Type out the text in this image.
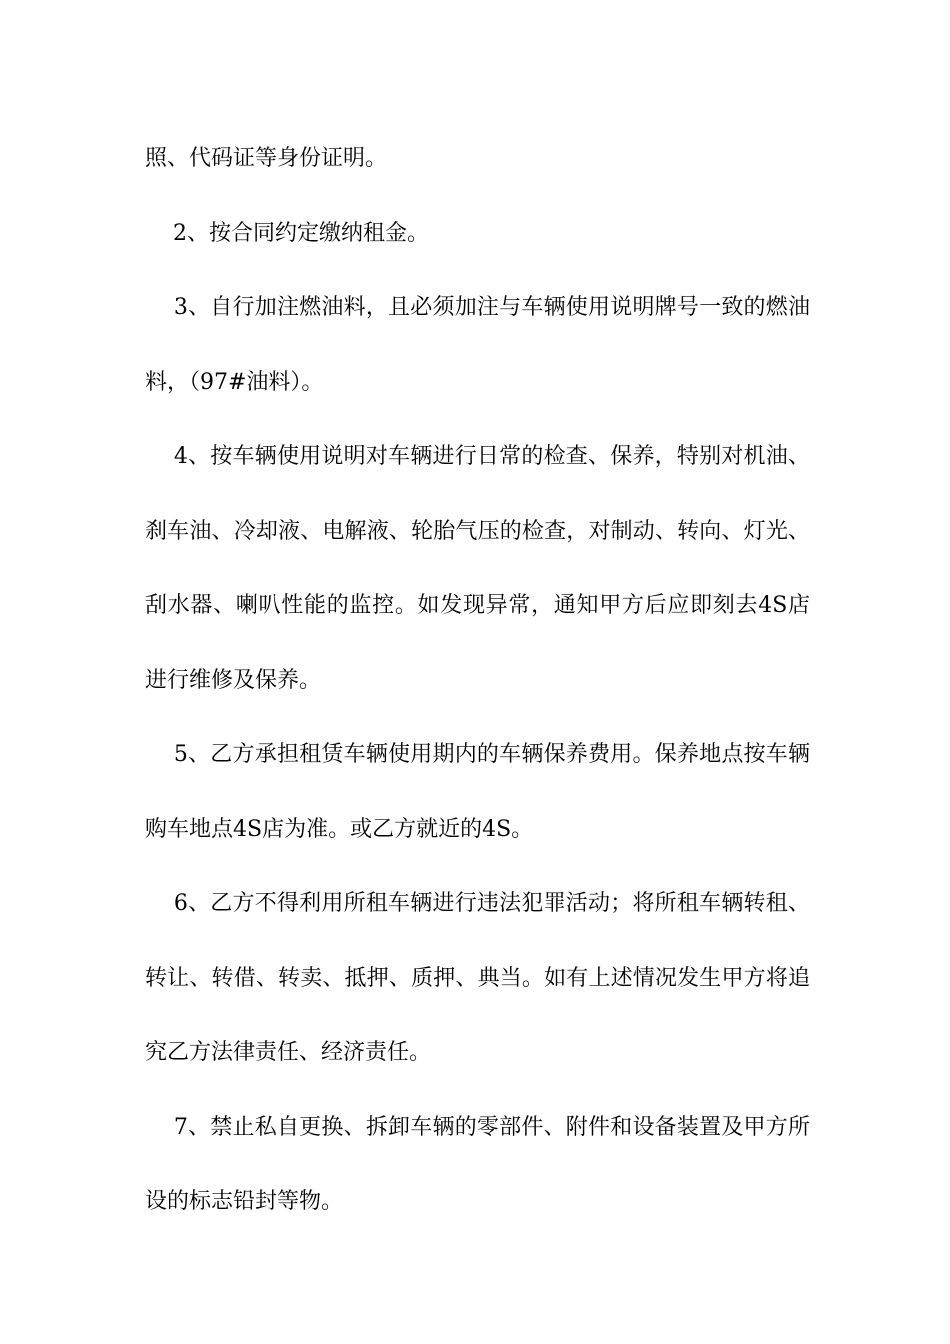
照、代码证等身份证明。

2、按合同约定缴纳租金。

3、自行加注燃油料，且必须加注与车辆使用说明牌号一致的燃油料，（97#油料）。

4、按车辆使用说明对车辆进行日常的检查、保养，特别对机油、刹车油、冷却液、电解液、轮胎气压的检查，对制动、转向、灯光、刮水器、喇叭性能的监控。如发现异常，通知甲方后应即刻去4S店进行维修及保养。

5、乙方承担租赁车辆使用期内的车辆保养费用。保养地点按车辆购车地点4S店为准。或乙方就近的4S。

6、乙方不得利用所租车辆进行违法犯罪活动；将所租车辆转租、转让、转借、转卖、抵押、质押、典当。如有上述情况发生甲方将追究乙方法律责任、经济责任。

7、禁止私自更换、拆卸车辆的零部件、附件和设备装置及甲方所设的标志铅封等物。
